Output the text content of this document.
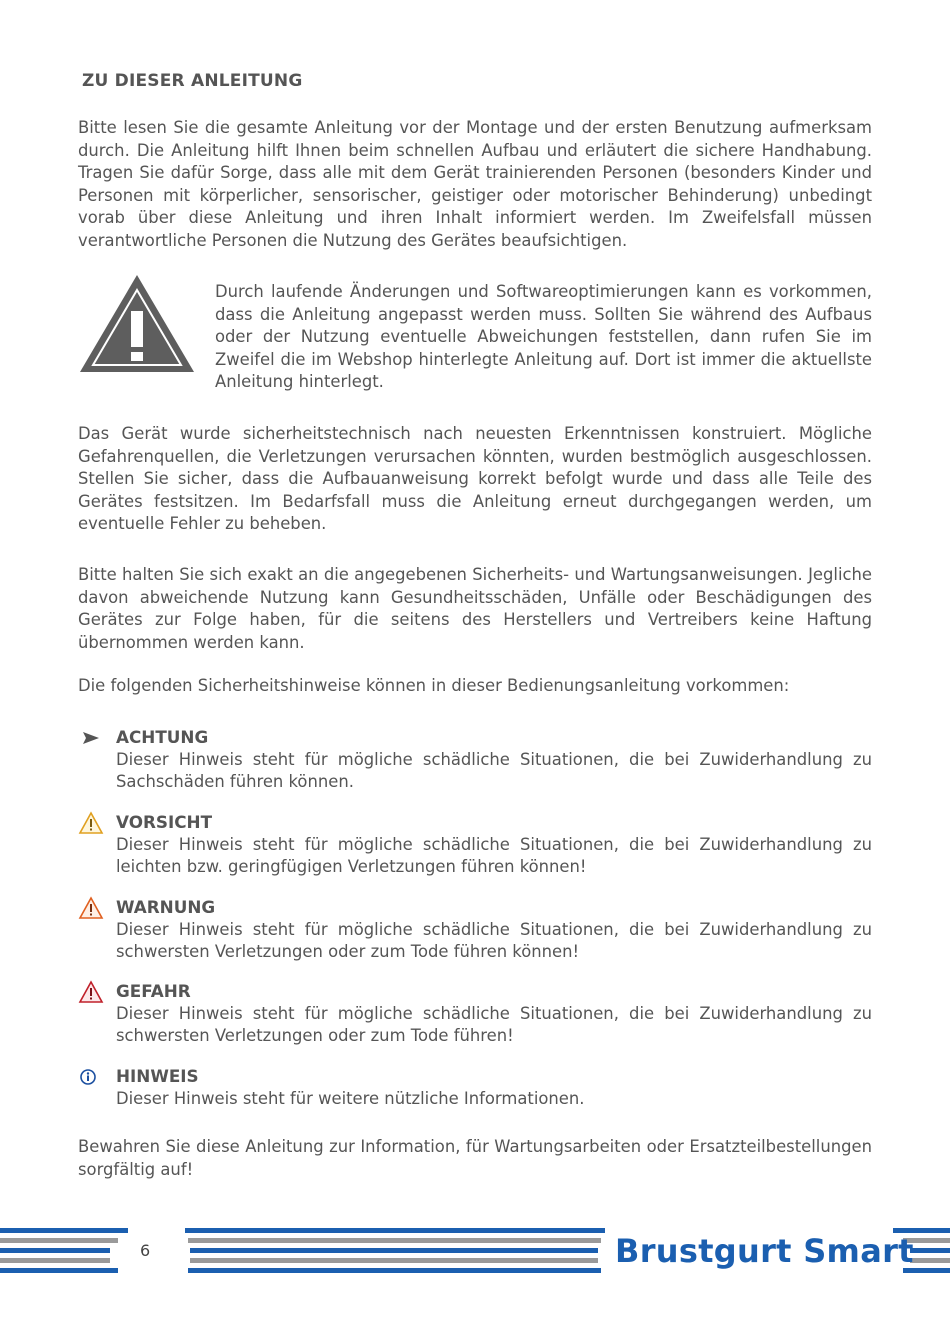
ZU DIESER ANLEITUNG
Bitte lesen Sie die gesamte Anleitung vor der Montage und der ersten Benutzung aufmerksam durch. Die Anleitung hilft Ihnen beim schnellen Aufbau und erläutert die sichere Handhabung. Tragen Sie dafür Sorge, dass alle mit dem Gerät trainierenden Personen (besonders Kinder und Personen mit körperlicher, sensorischer, geistiger oder motorischer Behinderung) unbedingt vorab über diese Anleitung und ihren Inhalt informiert werden. Im Zweifelsfall müssen verantwortliche Personen die Nutzung des Gerätes beaufsichtigen.
Durch laufende Änderungen und Softwareoptimierungen kann es vorkommen, dass die Anleitung angepasst werden muss. Sollten Sie während des Aufbaus oder der Nutzung eventuelle Abweichungen feststellen, dann rufen Sie im Zweifel die im Webshop hinterlegte Anleitung auf. Dort ist immer die aktuellste Anleitung hinterlegt.
Das Gerät wurde sicherheitstechnisch nach neuesten Erkenntnissen konstruiert. Mögliche Gefahrenquellen, die Verletzungen verursachen könnten, wurden bestmöglich ausgeschlossen. Stellen Sie sicher, dass die Aufbauanweisung korrekt befolgt wurde und dass alle Teile des Gerätes festsitzen. Im Bedarfsfall muss die Anleitung erneut durchgegangen werden, um eventuelle Fehler zu beheben.
Bitte halten Sie sich exakt an die angegebenen Sicherheits- und Wartungsanweisungen. Jegliche davon abweichende Nutzung kann Gesundheitsschäden, Unfälle oder Beschädigungen des Gerätes zur Folge haben, für die seitens des Herstellers und Vertreibers keine Haftung übernommen werden kann.
Die folgenden Sicherheitshinweise können in dieser Bedienungsanleitung vorkommen:
ACHTUNG
Dieser Hinweis steht für mögliche schädliche Situationen, die bei Zuwiderhandlung zu Sachschäden führen können.
VORSICHT
Dieser Hinweis steht für mögliche schädliche Situationen, die bei Zuwiderhandlung zu leichten bzw. geringfügigen Verletzungen führen können!
WARNUNG
Dieser Hinweis steht für mögliche schädliche Situationen, die bei Zuwiderhandlung zu schwersten Verletzungen oder zum Tode führen können!
GEFAHR
Dieser Hinweis steht für mögliche schädliche Situationen, die bei Zuwiderhandlung zu schwersten Verletzungen oder zum Tode führen!
HINWEIS
Dieser Hinweis steht für weitere nützliche Informationen.
Bewahren Sie diese Anleitung zur Information, für Wartungsarbeiten oder Ersatzteilbestellungen sorgfältig auf!
6	Brustgurt Smart
